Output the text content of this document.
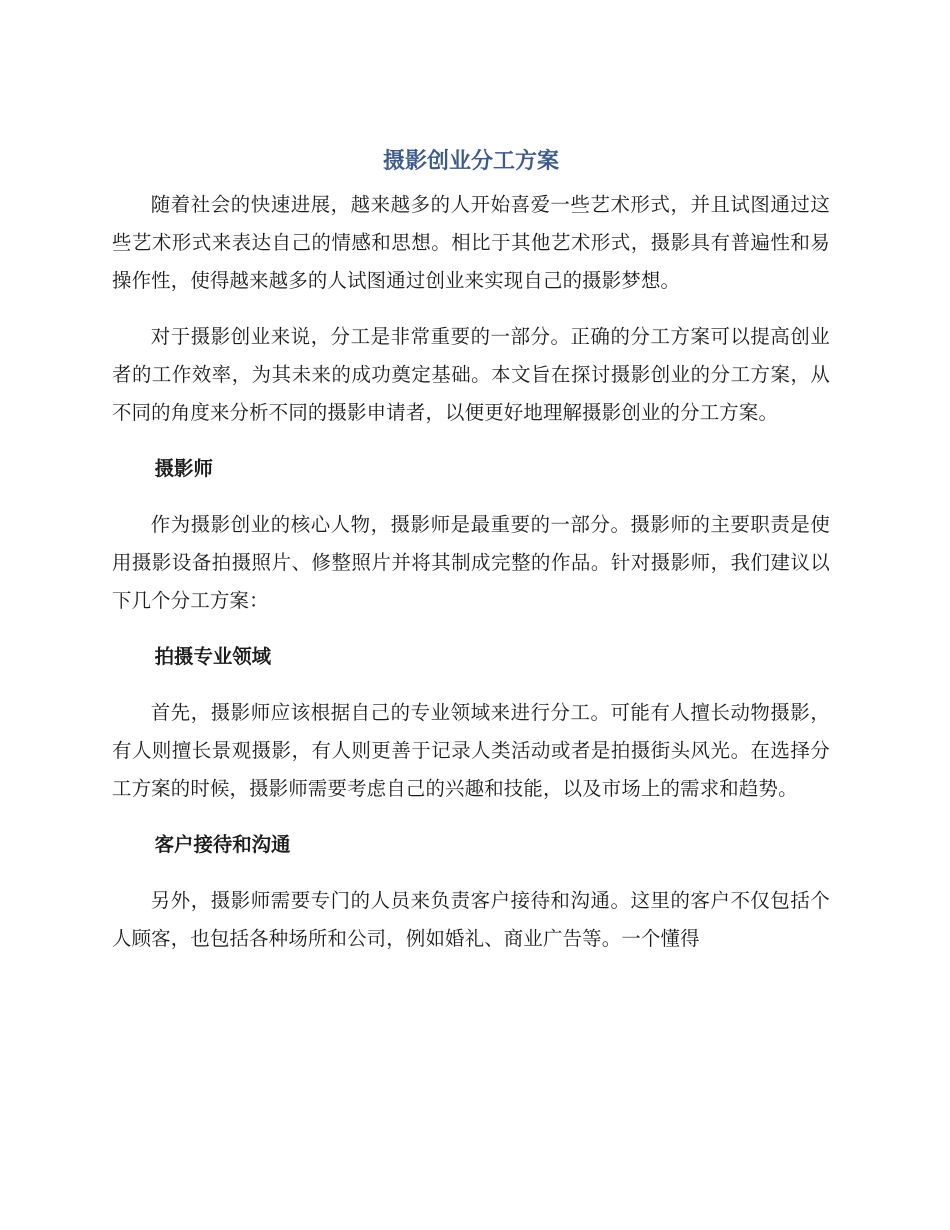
摄影创业分工方案

随着社会的快速进展，越来越多的人开始喜爱一些艺术形式，并且试图通过这些艺术形式来表达自己的情感和思想。相比于其他艺术形式，摄影具有普遍性和易操作性，使得越来越多的人试图通过创业来实现自己的摄影梦想。

对于摄影创业来说，分工是非常重要的一部分。正确的分工方案可以提高创业者的工作效率，为其未来的成功奠定基础。本文旨在探讨摄影创业的分工方案，从不同的角度来分析不同的摄影申请者，以便更好地理解摄影创业的分工方案。

摄影师

作为摄影创业的核心人物，摄影师是最重要的一部分。摄影师的主要职责是使用摄影设备拍摄照片、修整照片并将其制成完整的作品。针对摄影师，我们建议以下几个分工方案：

拍摄专业领域

首先，摄影师应该根据自己的专业领域来进行分工。可能有人擅长动物摄影，有人则擅长景观摄影，有人则更善于记录人类活动或者是拍摄街头风光。在选择分工方案的时候，摄影师需要考虑自己的兴趣和技能，以及市场上的需求和趋势。

客户接待和沟通

另外，摄影师需要专门的人员来负责客户接待和沟通。这里的客户不仅包括个人顾客，也包括各种场所和公司，例如婚礼、商业广告等。一个懂得
